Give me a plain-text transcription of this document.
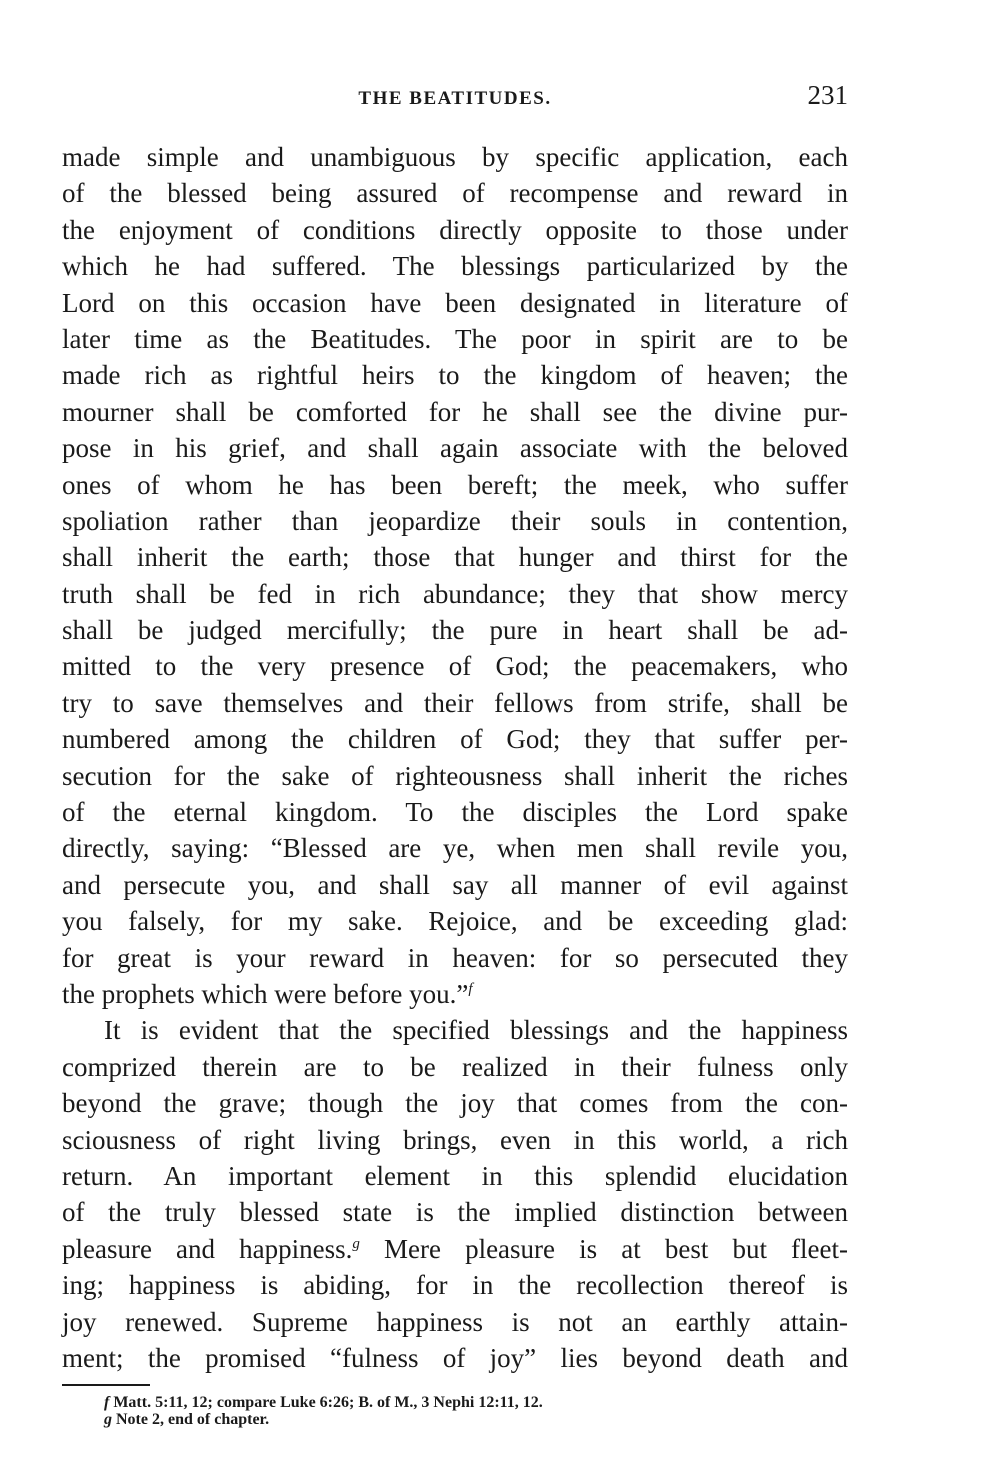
THE BEATITUDES.	231
made simple and unambiguous by specific application, each
of the blessed being assured of recompense and reward in
the enjoyment of conditions directly opposite to those under
which he had suffered. The blessings particularized by the
Lord on this occasion have been designated in literature of
later time as the Beatitudes. The poor in spirit are to be
made rich as rightful heirs to the kingdom of heaven; the
mourner shall be comforted for he shall see the divine pur-
pose in his grief, and shall again associate with the beloved
ones of whom he has been bereft; the meek, who suffer
spoliation rather than jeopardize their souls in contention,
shall inherit the earth; those that hunger and thirst for the
truth shall be fed in rich abundance; they that show mercy
shall be judged mercifully; the pure in heart shall be ad-
mitted to the very presence of God; the peacemakers, who
try to save themselves and their fellows from strife, shall be
numbered among the children of God; they that suffer per-
secution for the sake of righteousness shall inherit the riches
of the eternal kingdom. To the disciples the Lord spake
directly, saying: “Blessed are ye, when men shall revile you,
and persecute you, and shall say all manner of evil against
you falsely, for my sake. Rejoice, and be exceeding glad:
for great is your reward in heaven: for so persecuted they
the prophets which were before you.”$^f$
It is evident that the specified blessings and the happiness
comprized therein are to be realized in their fulness only
beyond the grave; though the joy that comes from the con-
sciousness of right living brings, even in this world, a rich
return. An important element in this splendid elucidation
of the truly blessed state is the implied distinction between
pleasure and happiness.$^g$ Mere pleasure is at best but fleet-
ing; happiness is abiding, for in the recollection thereof is
joy renewed. Supreme happiness is not an earthly attain-
ment; the promised “fulness of joy” lies beyond death and
f Matt. 5:11, 12; compare Luke 6:26; B. of M., 3 Nephi 12:11, 12.
g Note 2, end of chapter.
